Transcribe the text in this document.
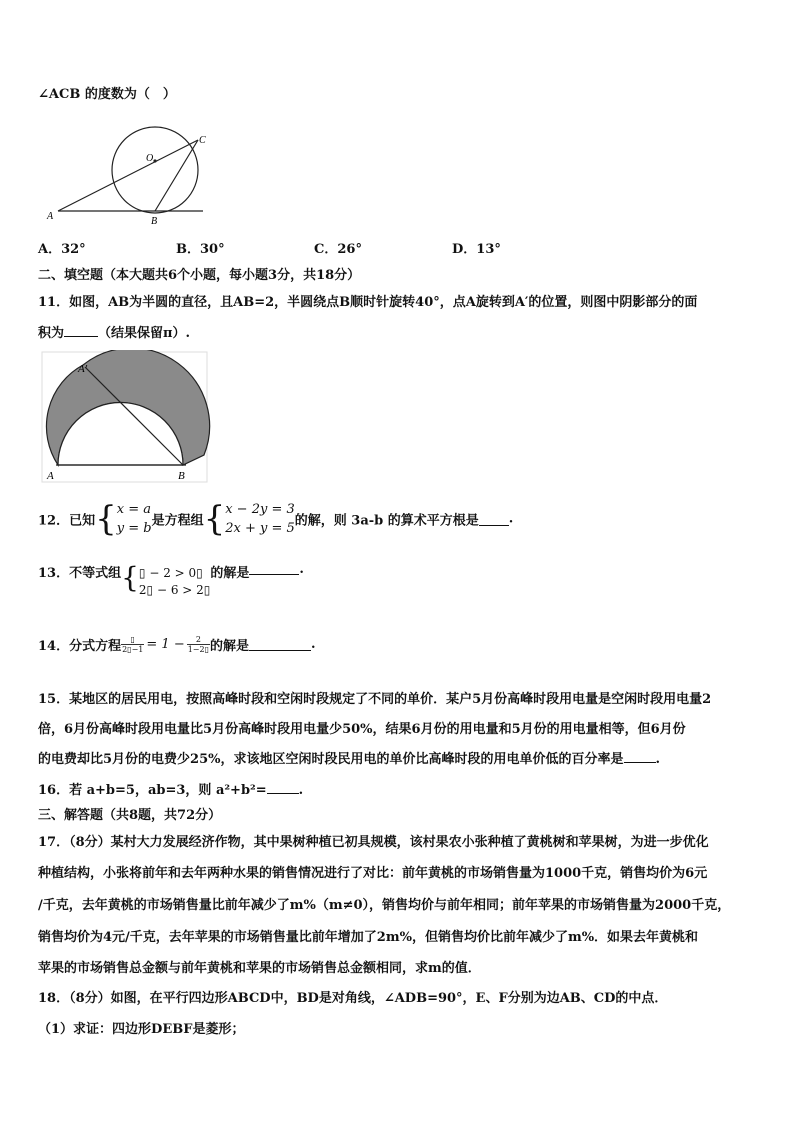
∠ACB 的度数为（　）
O
C
A	B
A．32°	B．30°	C．26°	D．13°
二、填空题（本大题共6个小题，每小题3分，共18分）
11．如图，AB为半圆的直径，且AB=2，半圆绕点B顺时针旋转40°，点A旋转到A′的位置，则图中阴影部分的面
积为	（结果保留π）.
A′
A	B
12．已知{ x = a
y = b 是方程组{ x − 2y = 3
2x + y = 5 的解，则 3a-b 的算术平方根是 .
13．不等式组{ ▯ − 2 > 0▯
2▯ − 6 > 2▯
的解是	.
14．分式方程 $\frac{▯}{2▯-1} = 1 - \frac{2}{1-2▯}$ 的解是	.
15．某地区的居民用电，按照高峰时段和空闲时段规定了不同的单价．某户5月份高峰时段用电量是空闲时段用电量2
倍，6月份高峰时段用电量比5月份高峰时段用电量少50%，结果6月份的用电量和5月份的用电量相等，但6月份
的电费却比5月份的电费少25%，求该地区空闲时段民用电的单价比高峰时段的用电单价低的百分率是 .
16．若 a+b=5，ab=3，则 a²+b²= .
三、解答题（共8题，共72分）
17．（8分）某村大力发展经济作物，其中果树种植已初具规模，该村果农小张种植了黄桃树和苹果树，为进一步优化
种植结构，小张将前年和去年两种水果的销售情况进行了对比：前年黄桃的市场销售量为1000千克，销售均价为6元
/千克，去年黄桃的市场销售量比前年减少了m%（m≠0），销售均价与前年相同；前年苹果的市场销售量为2000千克，
销售均价为4元/千克，去年苹果的市场销售量比前年增加了2m%，但销售均价比前年减少了m%．如果去年黄桃和
苹果的市场销售总金额与前年黄桃和苹果的市场销售总金额相同，求m的值．
18．（8分）如图，在平行四边形ABCD中，BD是对角线，∠ADB=90°，E、F分别为边AB、CD的中点．
（1）求证：四边形DEBF是菱形；
